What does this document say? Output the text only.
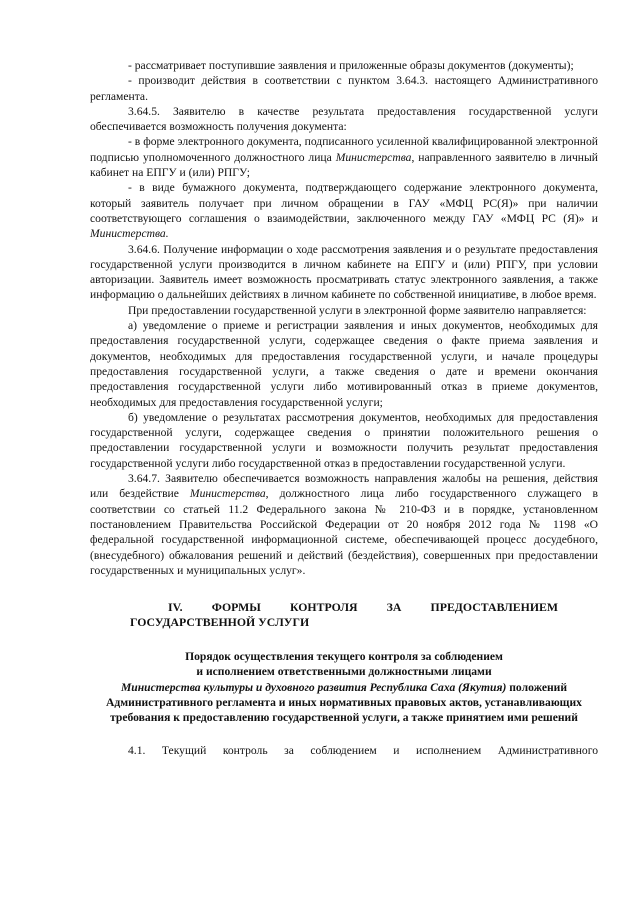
- рассматривает поступившие заявления и приложенные образы документов (документы);

- производит действия в соответствии с пунктом 3.64.3. настоящего Административного регламента.

3.64.5. Заявителю в качестве результата предоставления государственной услуги обеспечивается возможность получения документа:

- в форме электронного документа, подписанного усиленной квалифицированной электронной подписью уполномоченного должностного лица Министерства, направленного заявителю в личный кабинет на ЕПГУ и (или) РПГУ;

- в виде бумажного документа, подтверждающего содержание электронного документа, который заявитель получает при личном обращении в ГАУ «МФЦ РС(Я)» при наличии соответствующего соглашения о взаимодействии, заключенного между ГАУ «МФЦ РС (Я)» и Министерства.

3.64.6. Получение информации о ходе рассмотрения заявления и о результате предоставления государственной услуги производится в личном кабинете на ЕПГУ и (или) РПГУ, при условии авторизации. Заявитель имеет возможность просматривать статус электронного заявления, а также информацию о дальнейших действиях в личном кабинете по собственной инициативе, в любое время.

При предоставлении государственной услуги в электронной форме заявителю направляется:

а) уведомление о приеме и регистрации заявления и иных документов, необходимых для предоставления государственной услуги, содержащее сведения о факте приема заявления и документов, необходимых для предоставления государственной услуги, и начале процедуры предоставления государственной услуги, а также сведения о дате и времени окончания предоставления государственной услуги либо мотивированный отказ в приеме документов, необходимых для предоставления государственной услуги;

б) уведомление о результатах рассмотрения документов, необходимых для предоставления государственной услуги, содержащее сведения о принятии положительного решения о предоставлении государственной услуги и возможности получить результат предоставления государственной услуги либо государственной отказ в предоставлении государственной услуги.

3.64.7. Заявителю обеспечивается возможность направления жалобы на решения, действия или бездействие Министерства, должностного лица либо государственного служащего в соответствии со статьей 11.2 Федерального закона № 210-ФЗ и в порядке, установленном постановлением Правительства Российской Федерации от 20 ноября 2012 года № 1198 «О федеральной государственной информационной системе, обеспечивающей процесс досудебного, (внесудебного) обжалования решений и действий (бездействия), совершенных при предоставлении государственных и муниципальных услуг».

IV. ФОРМЫ КОНТРОЛЯ ЗА ПРЕДОСТАВЛЕНИЕМ ГОСУДАРСТВЕННОЙ УСЛУГИ

Порядок осуществления текущего контроля за соблюдением
и исполнением ответственными должностными лицами
Министерства культуры и духовного развития Республика Саха (Якутия) положений Административного регламента и иных нормативных правовых актов, устанавливающих требования к предоставлению государственной услуги, а также принятием ими решений

4.1. Текущий контроль за соблюдением и исполнением Административного
